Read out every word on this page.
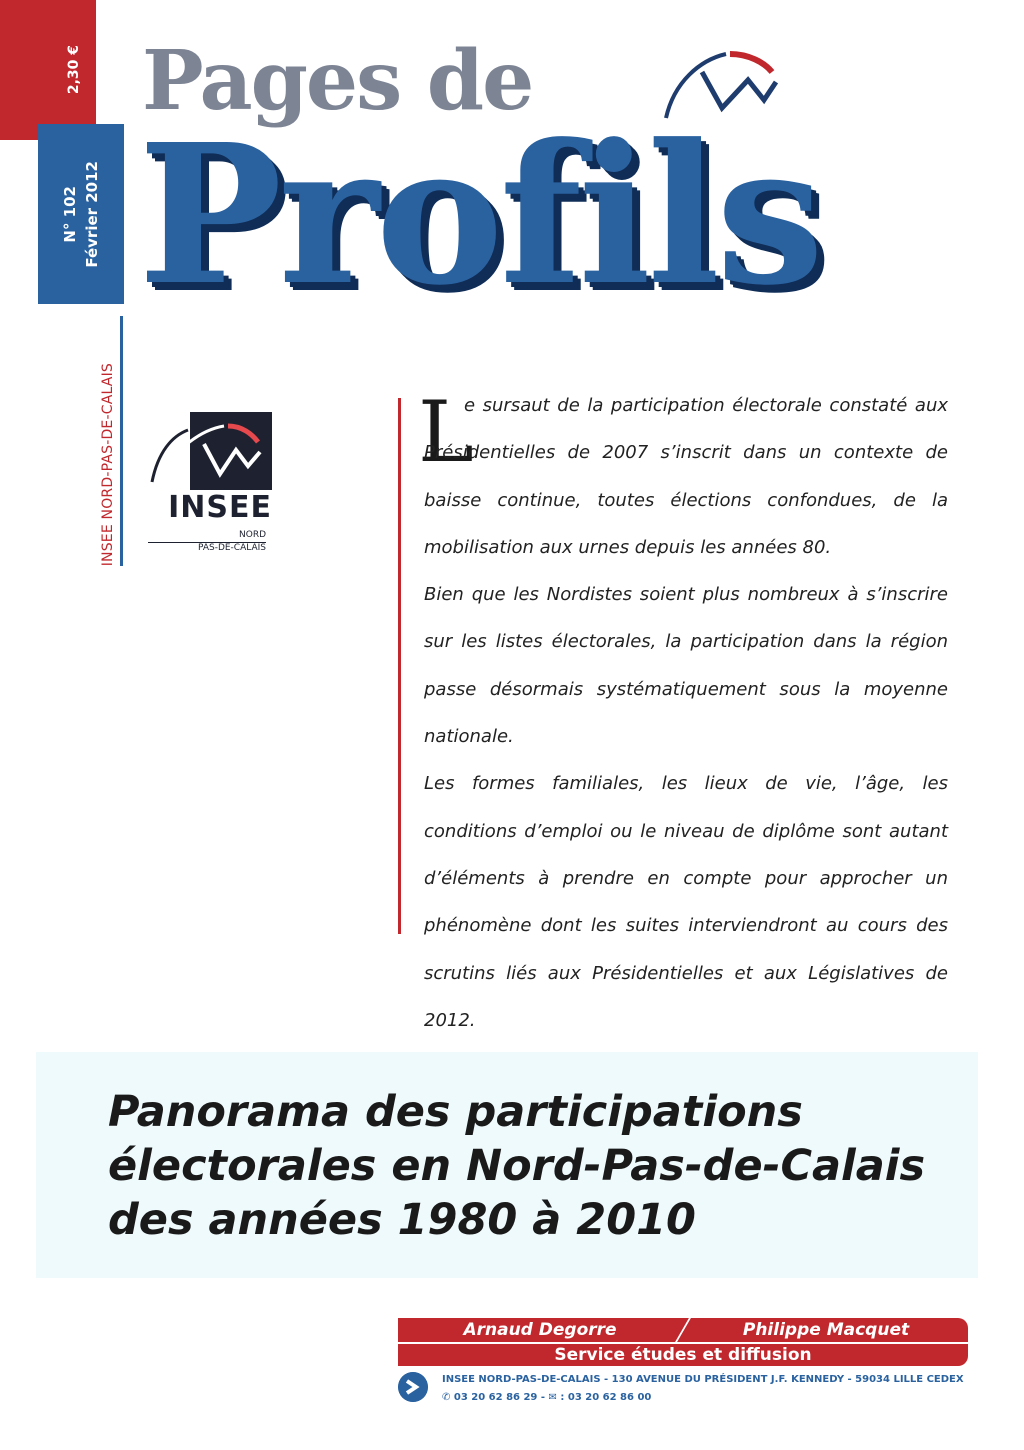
2,30 €
N° 102 Février 2012
INSEE NORD-PAS-DE-CALAIS
Pages de
Profils
INSEE
NORD
PAS-DE-CALAIS
L

e sursaut de la participation électorale constaté aux Présidentielles de 2007 s’inscrit dans un contexte de baisse continue, toutes élections confondues, de la mobilisation aux urnes depuis les années 80.

Bien que les Nordistes soient plus nombreux à s’inscrire sur les listes électorales, la participation dans la région passe désormais systématiquement sous la moyenne nationale.

Les formes familiales, les lieux de vie, l’âge, les conditions d’emploi ou le niveau de diplôme sont autant d’éléments à prendre en compte pour approcher un phénomène dont les suites interviendront au cours des scrutins liés aux Présidentielles et aux Législatives de 2012.

Panorama des participations
électorales en Nord-Pas-de-Calais
des années 1980 à 2010
Arnaud Degorre	Philippe Macquet
Service études et diffusion
INSEE NORD-PAS-DE-CALAIS - 130 AVENUE DU PRÉSIDENT J.F. KENNEDY - 59034 LILLE CEDEX
✆ 03 20 62 86 29 - ✉ : 03 20 62 86 00
